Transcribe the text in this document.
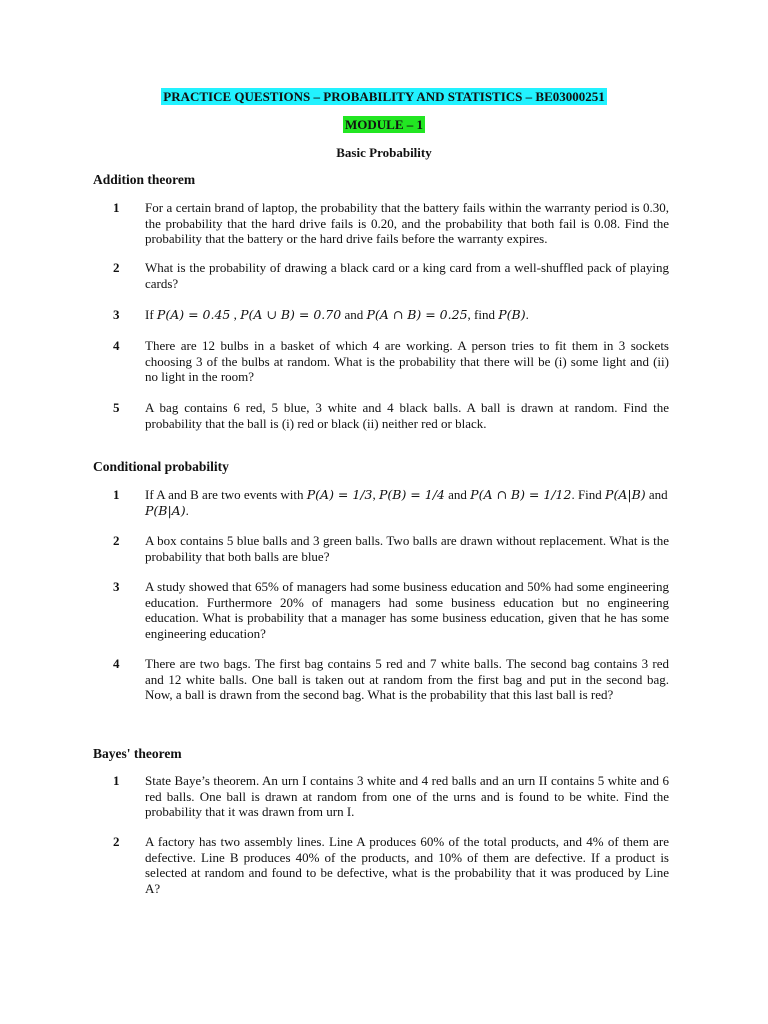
PRACTICE QUESTIONS – PROBABILITY AND STATISTICS – BE03000251
MODULE – 1
Basic Probability
Addition theorem
1 For a certain brand of laptop, the probability that the battery fails within the warranty period is 0.30, the probability that the hard drive fails is 0.20, and the probability that both fail is 0.08. Find the probability that the battery or the hard drive fails before the warranty expires.
2 What is the probability of drawing a black card or a king card from a well-shuffled pack of playing cards?
3 If P(A) = 0.45 , P(A ∪ B) = 0.70 and P(A ∩ B) = 0.25, find P(B).
4 There are 12 bulbs in a basket of which 4 are working. A person tries to fit them in 3 sockets choosing 3 of the bulbs at random. What is the probability that there will be (i) some light and (ii) no light in the room?
5 A bag contains 6 red, 5 blue, 3 white and 4 black balls. A ball is drawn at random. Find the probability that the ball is (i) red or black (ii) neither red or black.
Conditional probability
1 If A and B are two events with P(A) = 1/3, P(B) = 1/4 and P(A ∩ B) = 1/12. Find P(A|B) and P(B|A).
2 A box contains 5 blue balls and 3 green balls. Two balls are drawn without replacement. What is the probability that both balls are blue?
3 A study showed that 65% of managers had some business education and 50% had some engineering education. Furthermore 20% of managers had some business education but no engineering education. What is probability that a manager has some business education, given that he has some engineering education?
4 There are two bags. The first bag contains 5 red and 7 white balls. The second bag contains 3 red and 12 white balls. One ball is taken out at random from the first bag and put in the second bag. Now, a ball is drawn from the second bag. What is the probability that this last ball is red?
Bayes' theorem
1 State Baye’s theorem. An urn I contains 3 white and 4 red balls and an urn II contains 5 white and 6 red balls. One ball is drawn at random from one of the urns and is found to be white. Find the probability that it was drawn from urn I.
2 A factory has two assembly lines. Line A produces 60% of the total products, and 4% of them are defective. Line B produces 40% of the products, and 10% of them are defective. If a product is selected at random and found to be defective, what is the probability that it was produced by Line A?
